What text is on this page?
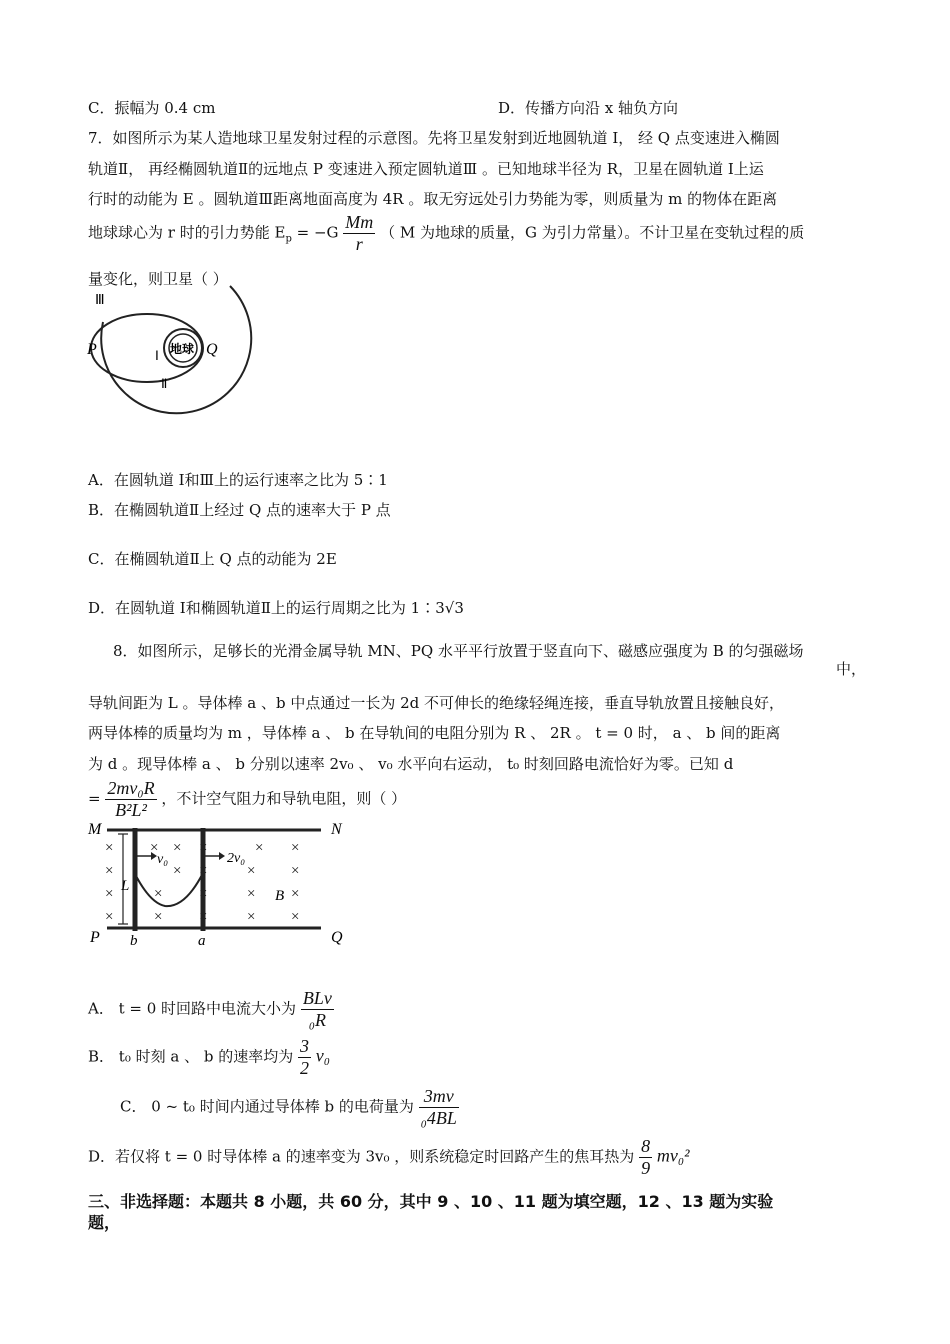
C．振幅为 0.4 cm	D．传播方向沿 x 轴负方向
7．如图所示为某人造地球卫星发射过程的示意图。先将卫星发射到近地圆轨道 Ⅰ， 经 Q 点变速进入椭圆
轨道Ⅱ， 再经椭圆轨道Ⅱ的远地点 P 变速进入预定圆轨道Ⅲ 。已知地球半径为 R，卫星在圆轨道 Ⅰ上运
行时的动能为 E 。圆轨道Ⅲ距离地面高度为 4R 。取无穷远处引力势能为零，则质量为 m 的物体在距离
地球球心为 r 时的引力势能 $E_p = -G \frac{Mm}{r}$ （ M 为地球的质量，G 为引力常量）。不计卫星在变轨过程的质
量变化，则卫星（ ）
Ⅲ
P	Ⅰ 地球 Q
Ⅱ
A．在圆轨道 Ⅰ和Ⅲ上的运行速率之比为 5∶1
B．在椭圆轨道Ⅱ上经过 Q 点的速率大于 P 点
C．在椭圆轨道Ⅱ上 Q 点的动能为 2E
D．在圆轨道 Ⅰ和椭圆轨道Ⅱ上的运行周期之比为 1∶3√3
8．如图所示，足够长的光滑金属导轨 MN、PQ 水平平行放置于竖直向下、磁感应强度为 B 的匀强磁场
中，
导轨间距为 L 。导体棒 a 、b 中点通过一长为 2d 不可伸长的绝缘轻绳连接，垂直导轨放置且接触良好，
两导体棒的质量均为 m ，导体棒 a 、 b 在导轨间的电阻分别为 R 、 2R 。 t = 0 时， a 、 b 间的距离
为 d 。现导体棒 a 、 b 分别以速率 2v₀ 、 v₀ 水平向右运动， t₀ 时刻回路电流恰好为零。已知 d
= $\frac{\text{2mv₀R}}{\text{B²L²}}$ ，不计空气阻力和导轨电阻，则（ ）
×
×
×
×
×
×
×
×
×
×
×
×
×
×
×
×
×
×
×
×
×
M	N
P	Q
b	a
L
B
v₀	2v₀
A． t = 0 时回路中电流大小为 $\frac{\text{BLv}}{\text{₀R}}$
B． t₀ 时刻 a 、 b 的速率均为 $\frac{3}{2} v_0$
C． 0 ~ t₀ 时间内通过导体棒 b 的电荷量为 $\frac{3mv}{\text{₀4BL}}$
D．若仅将 t = 0 时导体棒 a 的速率变为 3v₀ ，则系统稳定时回路产生的焦耳热为 $\frac{8}{9} mv_0^2$
三、非选择题：本题共 8 小题，共 60 分，其中 9 、10 、11 题为填空题，12 、13 题为实验
题，
